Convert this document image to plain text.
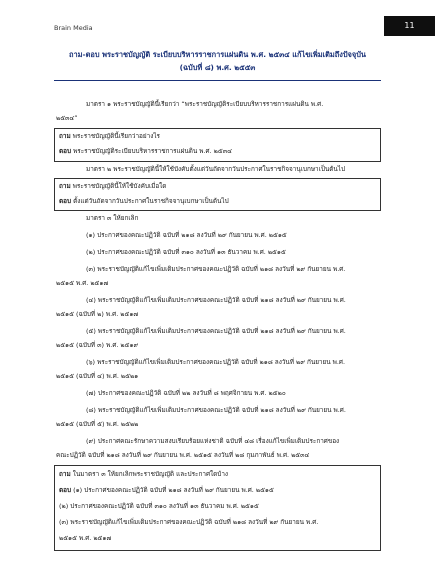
Brain Media	11
ถาม-ตอบ พระราชบัญญัติ ระเบียบบริหารราชการแผ่นดิน พ.ศ. ๒๕๓๔ แก้ไขเพิ่มเติมถึงปัจจุบัน
(ฉบับที่ ๘) พ.ศ. ๒๕๕๓
มาตรา ๑ พระราชบัญญัตินี้เรียกว่า “พระราชบัญญัติระเบียบบริหารราชการแผ่นดิน พ.ศ.
๒๕๓๔”
ถาม พระราชบัญญัตินี้เรียกว่าอย่างไร
ตอบ พระราชบัญญัติระเบียบบริหารราชการแผ่นดิน พ.ศ. ๒๕๓๔
มาตรา ๒ พระราชบัญญัตินี้ให้ใช้บังคับตั้งแต่วันถัดจากวันประกาศในราชกิจจานุเบกษาเป็นต้นไป
ถาม พระราชบัญญัตินี้ให้ใช้บังคับเมื่อใด
ตอบ ตั้งแต่วันถัดจากวันประกาศในราชกิจจานุเบกษาเป็นต้นไป
มาตรา ๓ ให้ยกเลิก
(๑) ประกาศของคณะปฏิวัติ ฉบับที่ ๒๑๘ ลงวันที่ ๒๙ กันยายน พ.ศ. ๒๕๑๕
(๒) ประกาศของคณะปฏิวัติ ฉบับที่ ๓๑๐ ลงวันที่ ๑๓ ธันวาคม พ.ศ. ๒๕๑๕
(๓) พระราชบัญญัติแก้ไขเพิ่มเติมประกาศของคณะปฏิวัติ ฉบับที่ ๒๑๘ ลงวันที่ ๒๙ กันยายน พ.ศ.
๒๕๑๕ พ.ศ. ๒๕๑๗
(๔) พระราชบัญญัติแก้ไขเพิ่มเติมประกาศของคณะปฏิวัติ ฉบับที่ ๒๑๘ ลงวันที่ ๒๙ กันยายน พ.ศ.
๒๕๑๕ (ฉบับที่ ๒) พ.ศ. ๒๕๑๗
(๕) พระราชบัญญัติแก้ไขเพิ่มเติมประกาศของคณะปฏิวัติ ฉบับที่ ๒๑๘ ลงวันที่ ๒๙ กันยายน พ.ศ.
๒๕๑๕ (ฉบับที่ ๓) พ.ศ. ๒๕๑๙
(๖) พระราชบัญญัติแก้ไขเพิ่มเติมประกาศของคณะปฏิวัติ ฉบับที่ ๒๑๘ ลงวันที่ ๒๙ กันยายน พ.ศ.
๒๕๑๕ (ฉบับที่ ๔) พ.ศ. ๒๕๒๑
(๗) ประกาศของคณะปฏิวัติ ฉบับที่ ๒๒ ลงวันที่ ๘ พฤศจิกายน พ.ศ. ๒๕๒๐
(๘) พระราชบัญญัติแก้ไขเพิ่มเติมประกาศของคณะปฏิวัติ ฉบับที่ ๒๑๘ ลงวันที่ ๒๙ กันยายน พ.ศ.
๒๕๑๕ (ฉบับที่ ๕) พ.ศ. ๒๕๒๒
(๙) ประกาศคณะรักษาความสงบเรียบร้อยแห่งชาติ ฉบับที่ ๔๘ เรื่องแก้ไขเพิ่มเติมประกาศของ
คณะปฏิวัติ ฉบับที่ ๒๑๘ ลงวันที่ ๒๙ กันยายน พ.ศ. ๒๕๑๕ ลงวันที่ ๒๘ กุมภาพันธ์ พ.ศ. ๒๕๓๔
ถาม ในมาตรา ๓ ให้ยกเลิกพระราชบัญญัติ และประกาศใดบ้าง
ตอบ (๑) ประกาศของคณะปฏิวัติ ฉบับที่ ๒๑๘ ลงวันที่ ๒๙ กันยายน พ.ศ. ๒๕๑๕
(๒) ประกาศของคณะปฏิวัติ ฉบับที่ ๓๑๐ ลงวันที่ ๑๓ ธันวาคม พ.ศ. ๒๕๑๕
(๓) พระราชบัญญัติแก้ไขเพิ่มเติมประกาศของคณะปฏิวัติ ฉบับที่ ๒๑๘ ลงวันที่ ๒๙ กันยายน พ.ศ.
๒๕๑๕ พ.ศ. ๒๕๑๗
